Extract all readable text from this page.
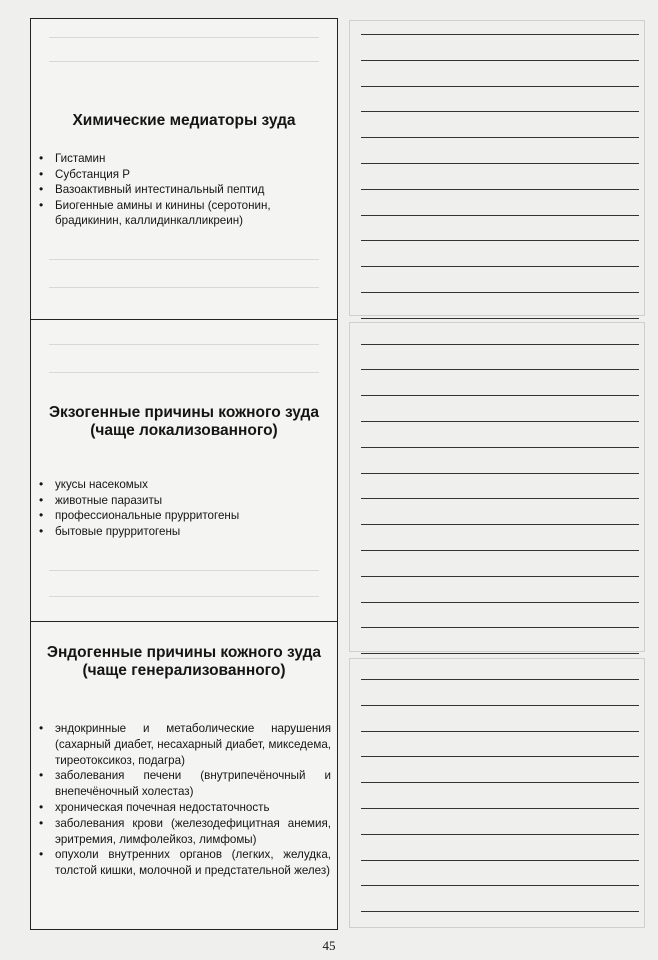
Химические медиаторы зуда
• Гистамин
• Субстанция Р
• Вазоактивный интестинальный пептид
• Биогенные амины и кинины (серотонин, брадикинин, каллидинкалликреин)
Экзогенные причины кожного зуда (чаще локализованного)
• укусы насекомых
• животные паразиты
• профессиональные прурритогены
• бытовые прурритогены
Эндогенные причины кожного зуда (чаще генерализованного)
• эндокринные и метаболические нарушения (сахарный диабет, несахарный диабет, микседема, тиреотоксикоз, подагра)
• заболевания печени (внутрипечёночный и внепечёночный холестаз)
• хроническая почечная недостаточность
• заболевания крови (железодефицитная анемия, эритремия, лимфолейкоз, лимфомы)
• опухоли внутренних органов (легких, желудка, толстой кишки, молочной и предстательной желез)
45
